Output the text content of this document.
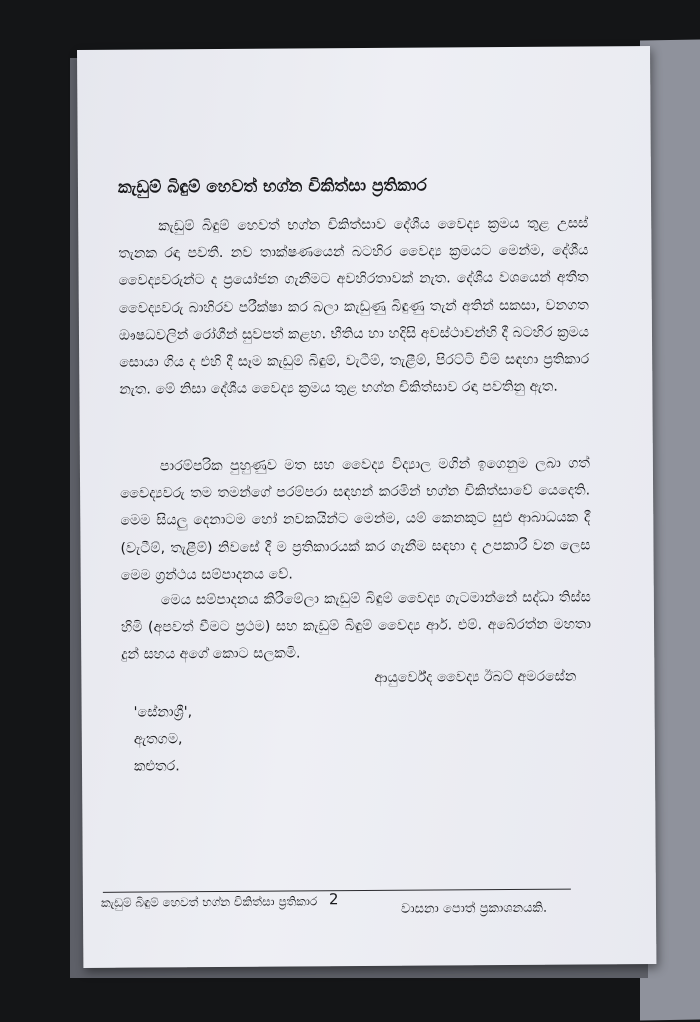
කැඩුම් බිඳුම් හෙවත් භග්න චිකිත්සා ප්‍රතිකාර

කැඩුම් බිඳුම් හෙවත් භග්න චිකිත්සාව දේශීය වෛද්‍ය ක්‍රමය තුළ උසස් තැනක රඳා පවතී. නව තාක්ෂණයෙන් බටහිර වෛද්‍ය ක්‍රමයට මෙන්ම, දේශීය වෛද්‍යවරුන්ට ද ප්‍රයෝජන ගැනීමට අවහිරතාවක් නැත. දේශීය වශයෙන් අතීත වෛද්‍යවරු බාහිරව පරීක්ෂා කර බලා කැඩුණු බිඳුණු තැන් අතින් සකසා, වනගත ඖෂධවලින් රෝගීන් සුවපත් කළහ. භීතිය හා හදිසි අවස්ථාවන්හි දී බටහිර ක්‍රමය සොයා ගිය ද එහි දී සෑම කැඩුම් බිඳුම්, වැටීම්, තැළීම්, පිරට්ටි වීම් සඳහා ප්‍රතිකාර නැත. මේ නිසා දේශීය වෛද්‍ය ක්‍රමය තුළ භග්න චිකිත්සාව රඳා පවතිනු ඇත.

පාරම්පරික පුහුණුව මත සහ වෛද්‍ය විද්‍යාල මගින් ඉගෙනුම ලබා ගත් වෛද්‍යවරු තම තමන්ගේ පරම්පරා සඳහන් කරමින් භග්න චිකිත්සාවේ යෙදෙති. මෙම සියලු දෙනාටම හෝ නවකයින්ට මෙන්ම, යම් කෙනකුට සුළු ආබාධයක දී (වැටීම්, තැළීම්) නිවසේ දී ම ප්‍රතිකාරයක් කර ගැනීම සඳහා ද උපකාරී වන ලෙස මෙම ග්‍රන්ථය සම්පාදනය වේ.

මෙය සම්පාදනය කිරීමේලා කැඩුම් බිඳුම් වෛද්‍ය ගැටමාන්නේ සද්ධා තිස්ස හිමි (අපවත් වීමට ප්‍රථම) සහ කැඩුම් බිඳුම් වෛද්‍ය ආර්. එම්. අබේරත්න මහතා දුන් සහය අගේ කොට සලකමි.

ආයුර්වේද වෛද්‍ය ඊබට් අමරසේන
'සේනාශ්‍රී',
ඇතගම,
කළුතර.
කැඩුම් බිඳුම් හෙවත් භග්න චිකිත්සා ප්‍රතිකාර 2
වාසනා පොත් ප්‍රකාශනයකි.
